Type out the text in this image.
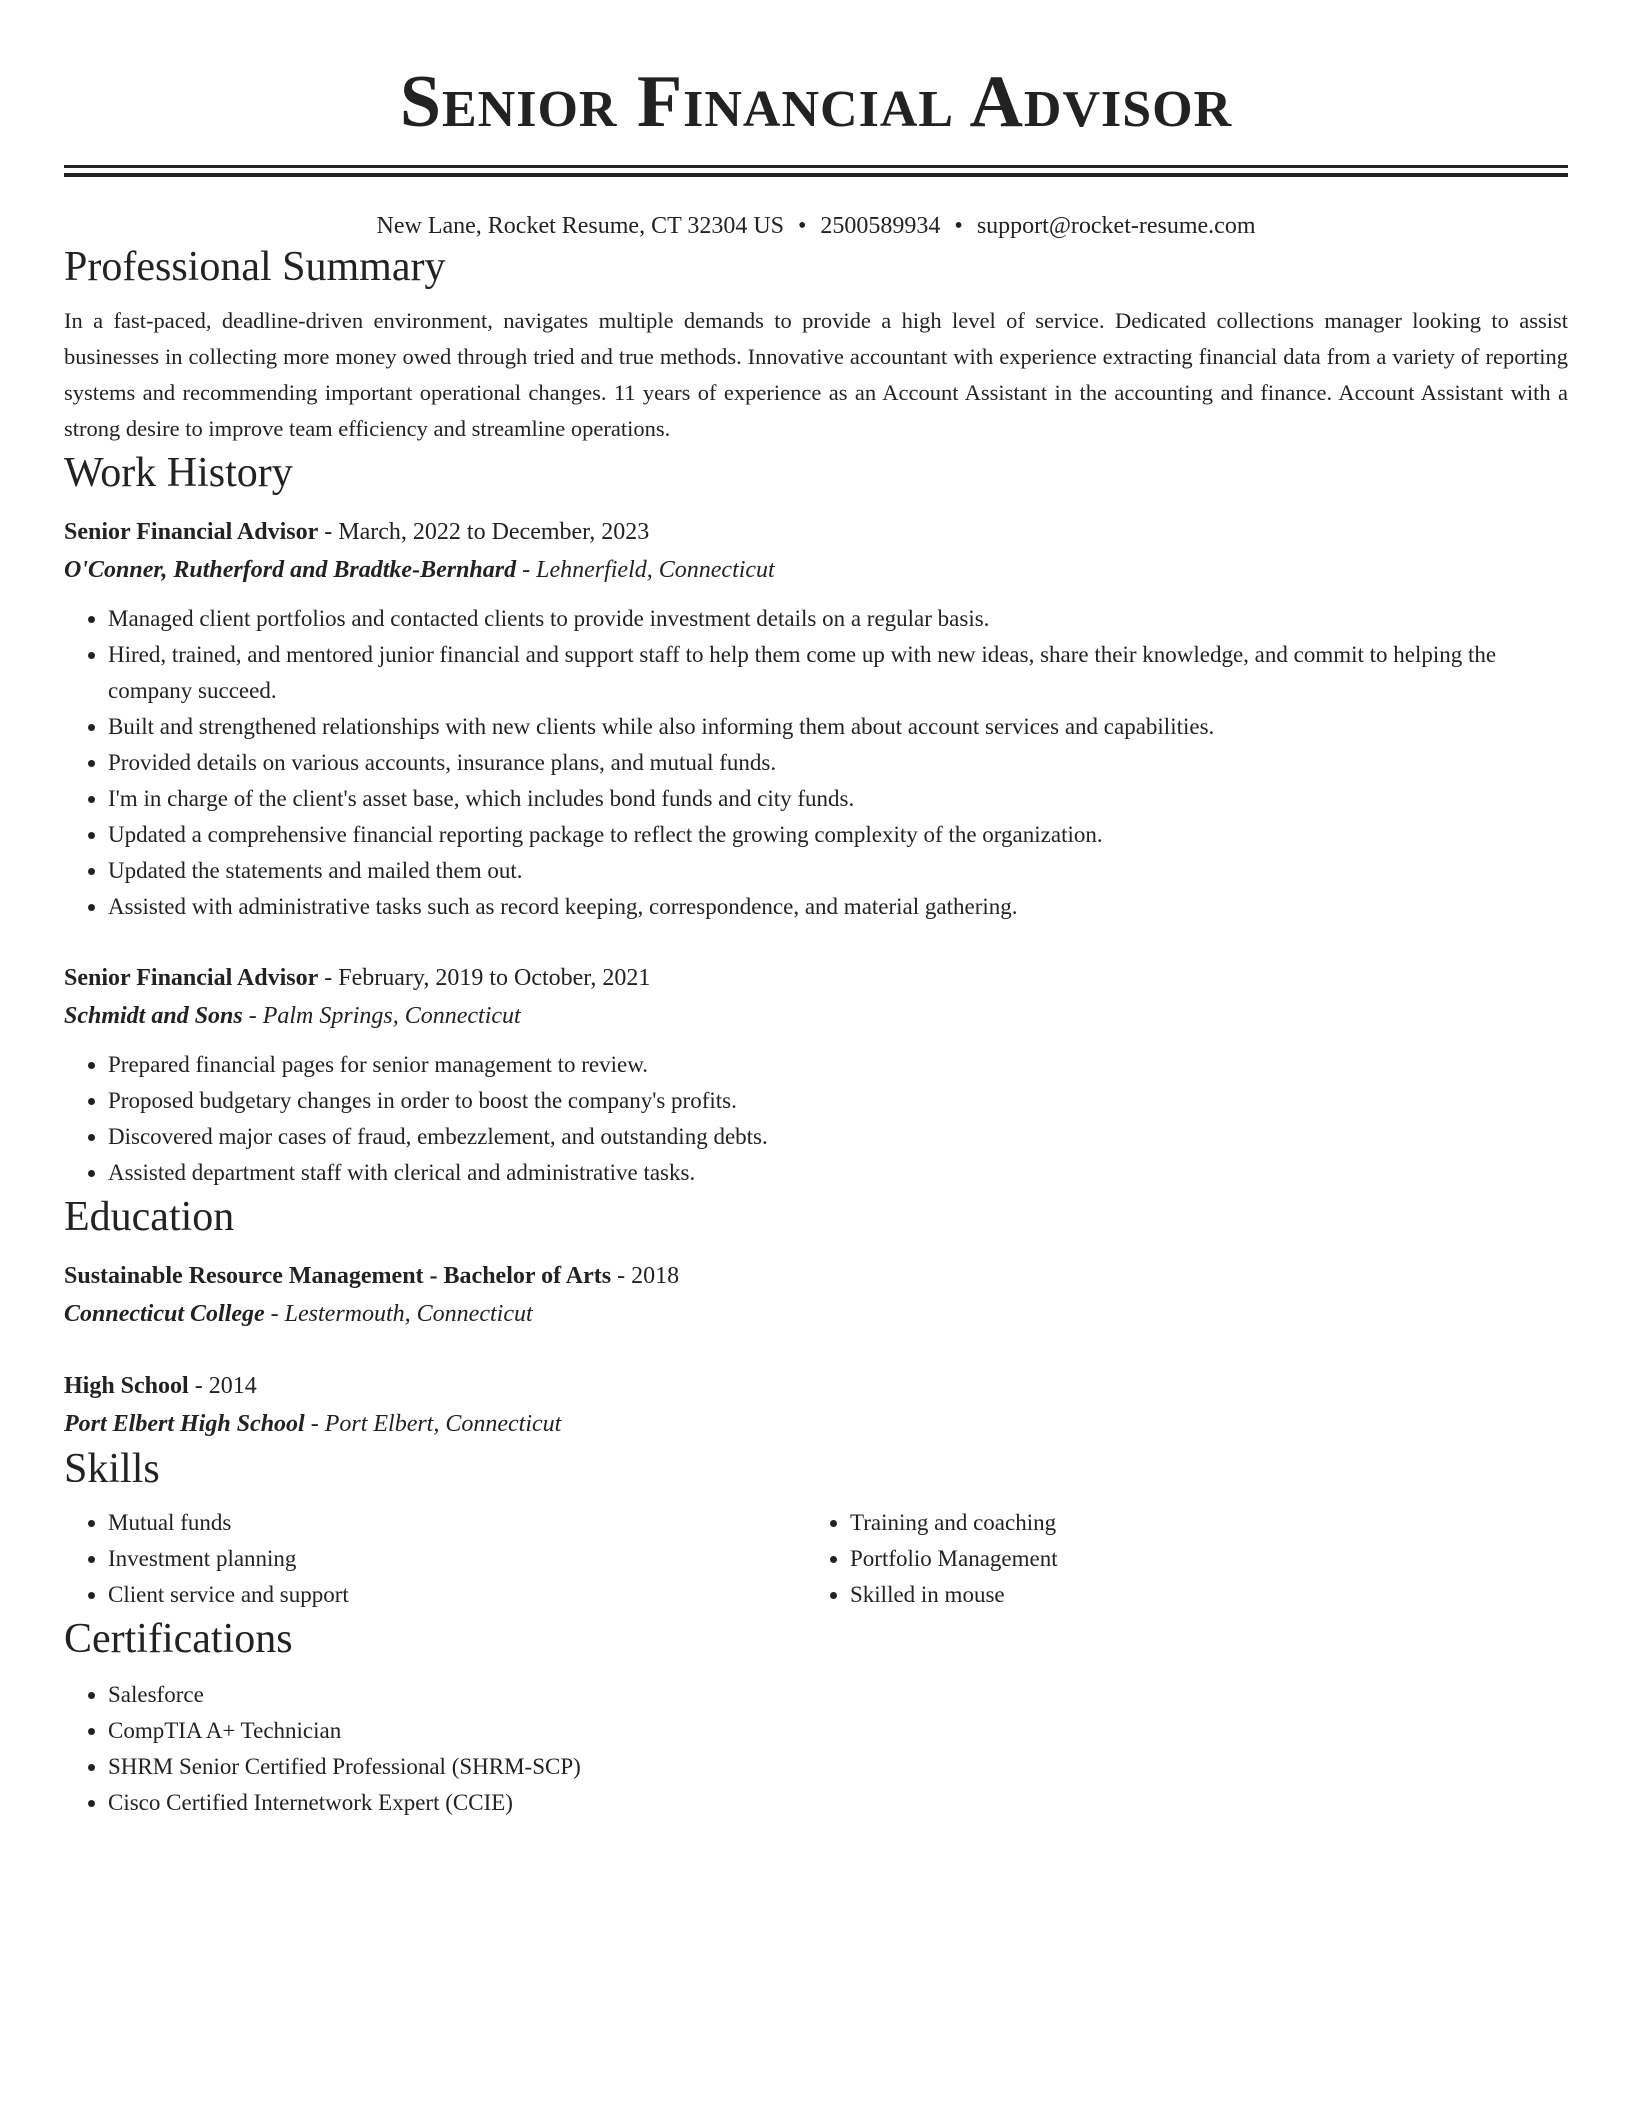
Senior Financial Advisor
New Lane, Rocket Resume, CT 32304 US • 2500589934 • support@rocket-resume.com
Professional Summary
In a fast-paced, deadline-driven environment, navigates multiple demands to provide a high level of service. Dedicated collections manager looking to assist businesses in collecting more money owed through tried and true methods. Innovative accountant with experience extracting financial data from a variety of reporting systems and recommending important operational changes. 11 years of experience as an Account Assistant in the accounting and finance. Account Assistant with a strong desire to improve team efficiency and streamline operations.
Work History
Senior Financial Advisor - March, 2022 to December, 2023
O'Conner, Rutherford and Bradtke-Bernhard - Lehnerfield, Connecticut
• Managed client portfolios and contacted clients to provide investment details on a regular basis.
• Hired, trained, and mentored junior financial and support staff to help them come up with new ideas, share their knowledge, and commit to helping the company succeed.
• Built and strengthened relationships with new clients while also informing them about account services and capabilities.
• Provided details on various accounts, insurance plans, and mutual funds.
• I'm in charge of the client's asset base, which includes bond funds and city funds.
• Updated a comprehensive financial reporting package to reflect the growing complexity of the organization.
• Updated the statements and mailed them out.
• Assisted with administrative tasks such as record keeping, correspondence, and material gathering.
Senior Financial Advisor - February, 2019 to October, 2021
Schmidt and Sons - Palm Springs, Connecticut
• Prepared financial pages for senior management to review.
• Proposed budgetary changes in order to boost the company's profits.
• Discovered major cases of fraud, embezzlement, and outstanding debts.
• Assisted department staff with clerical and administrative tasks.
Education
Sustainable Resource Management - Bachelor of Arts - 2018
Connecticut College - Lestermouth, Connecticut
High School - 2014
Port Elbert High School - Port Elbert, Connecticut
Skills
• Mutual funds
• Investment planning
• Client service and support
• Training and coaching
• Portfolio Management
• Skilled in mouse
Certifications
• Salesforce
• CompTIA A+ Technician
• SHRM Senior Certified Professional (SHRM-SCP)
• Cisco Certified Internetwork Expert (CCIE)
